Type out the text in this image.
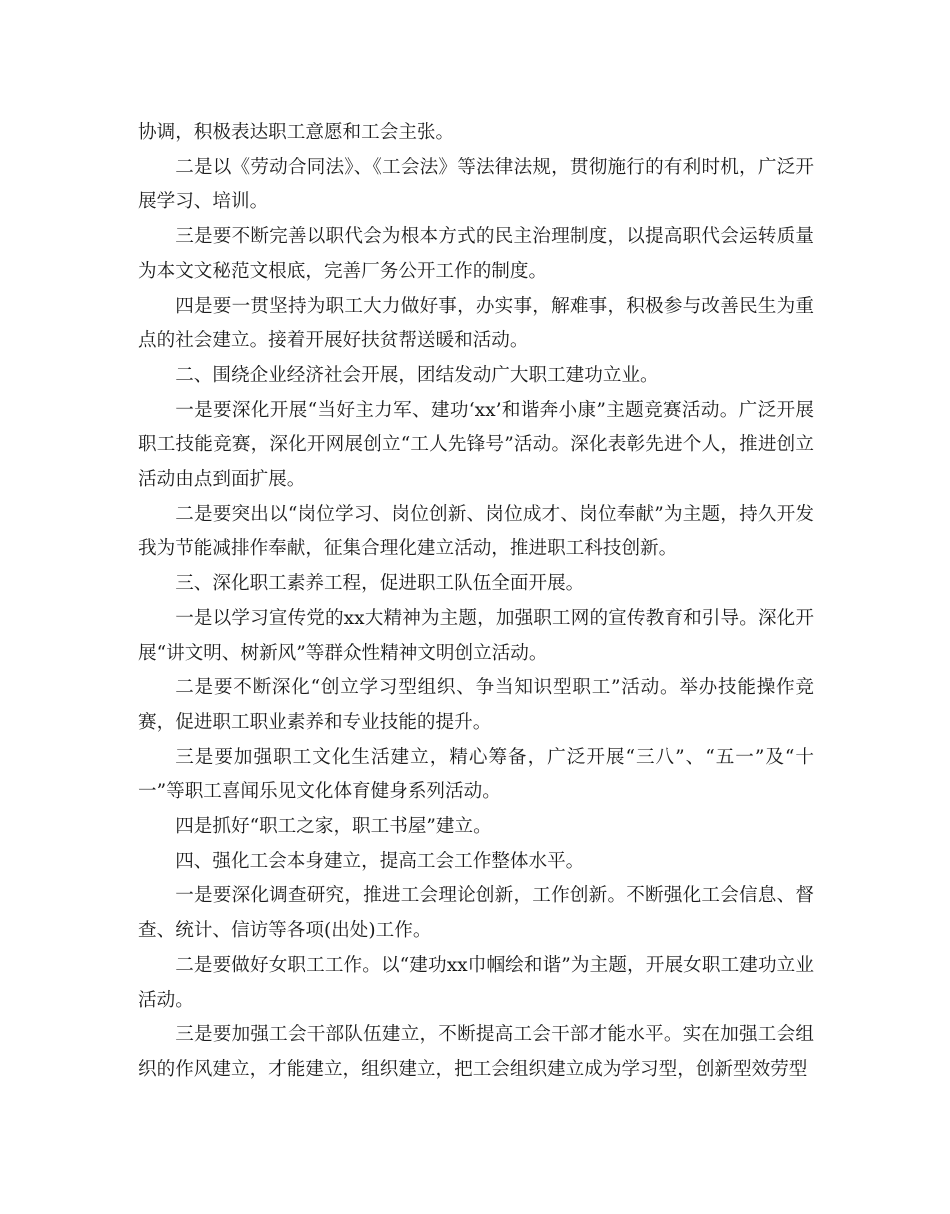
协调，积极表达职工意愿和工会主张。

二是以《劳动合同法》、《工会法》等法律法规，贯彻施行的有利时机，广泛开展学习、培训。

三是要不断完善以职代会为根本方式的民主治理制度，以提高职代会运转质量为本文文秘范文根底，完善厂务公开工作的制度。

四是要一贯坚持为职工大力做好事，办实事，解难事，积极参与改善民生为重点的社会建立。接着开展好扶贫帮送暖和活动。

二、围绕企业经济社会开展，团结发动广大职工建功立业。

一是要深化开展“当好主力军、建功‘xx’和谐奔小康”主题竞赛活动。广泛开展职工技能竞赛，深化开网展创立“工人先锋号”活动。深化表彰先进个人，推进创立活动由点到面扩展。

二是要突出以“岗位学习、岗位创新、岗位成才、岗位奉献”为主题，持久开发我为节能减排作奉献，征集合理化建立活动，推进职工科技创新。

三、深化职工素养工程，促进职工队伍全面开展。

一是以学习宣传党的xx大精神为主题，加强职工网的宣传教育和引导。深化开展“讲文明、树新风”等群众性精神文明创立活动。

二是要不断深化“创立学习型组织、争当知识型职工”活动。举办技能操作竞赛，促进职工职业素养和专业技能的提升。

三是要加强职工文化生活建立，精心筹备，广泛开展“三八”、“五一”及“十一”等职工喜闻乐见文化体育健身系列活动。

四是抓好“职工之家，职工书屋”建立。

四、强化工会本身建立，提高工会工作整体水平。

一是要深化调查研究，推进工会理论创新，工作创新。不断强化工会信息、督查、统计、信访等各项(出处)工作。

二是要做好女职工工作。以“建功xx巾帼绘和谐”为主题，开展女职工建功立业活动。

三是要加强工会干部队伍建立，不断提高工会干部才能水平。实在加强工会组织的作风建立，才能建立，组织建立，把工会组织建立成为学习型，创新型效劳型
